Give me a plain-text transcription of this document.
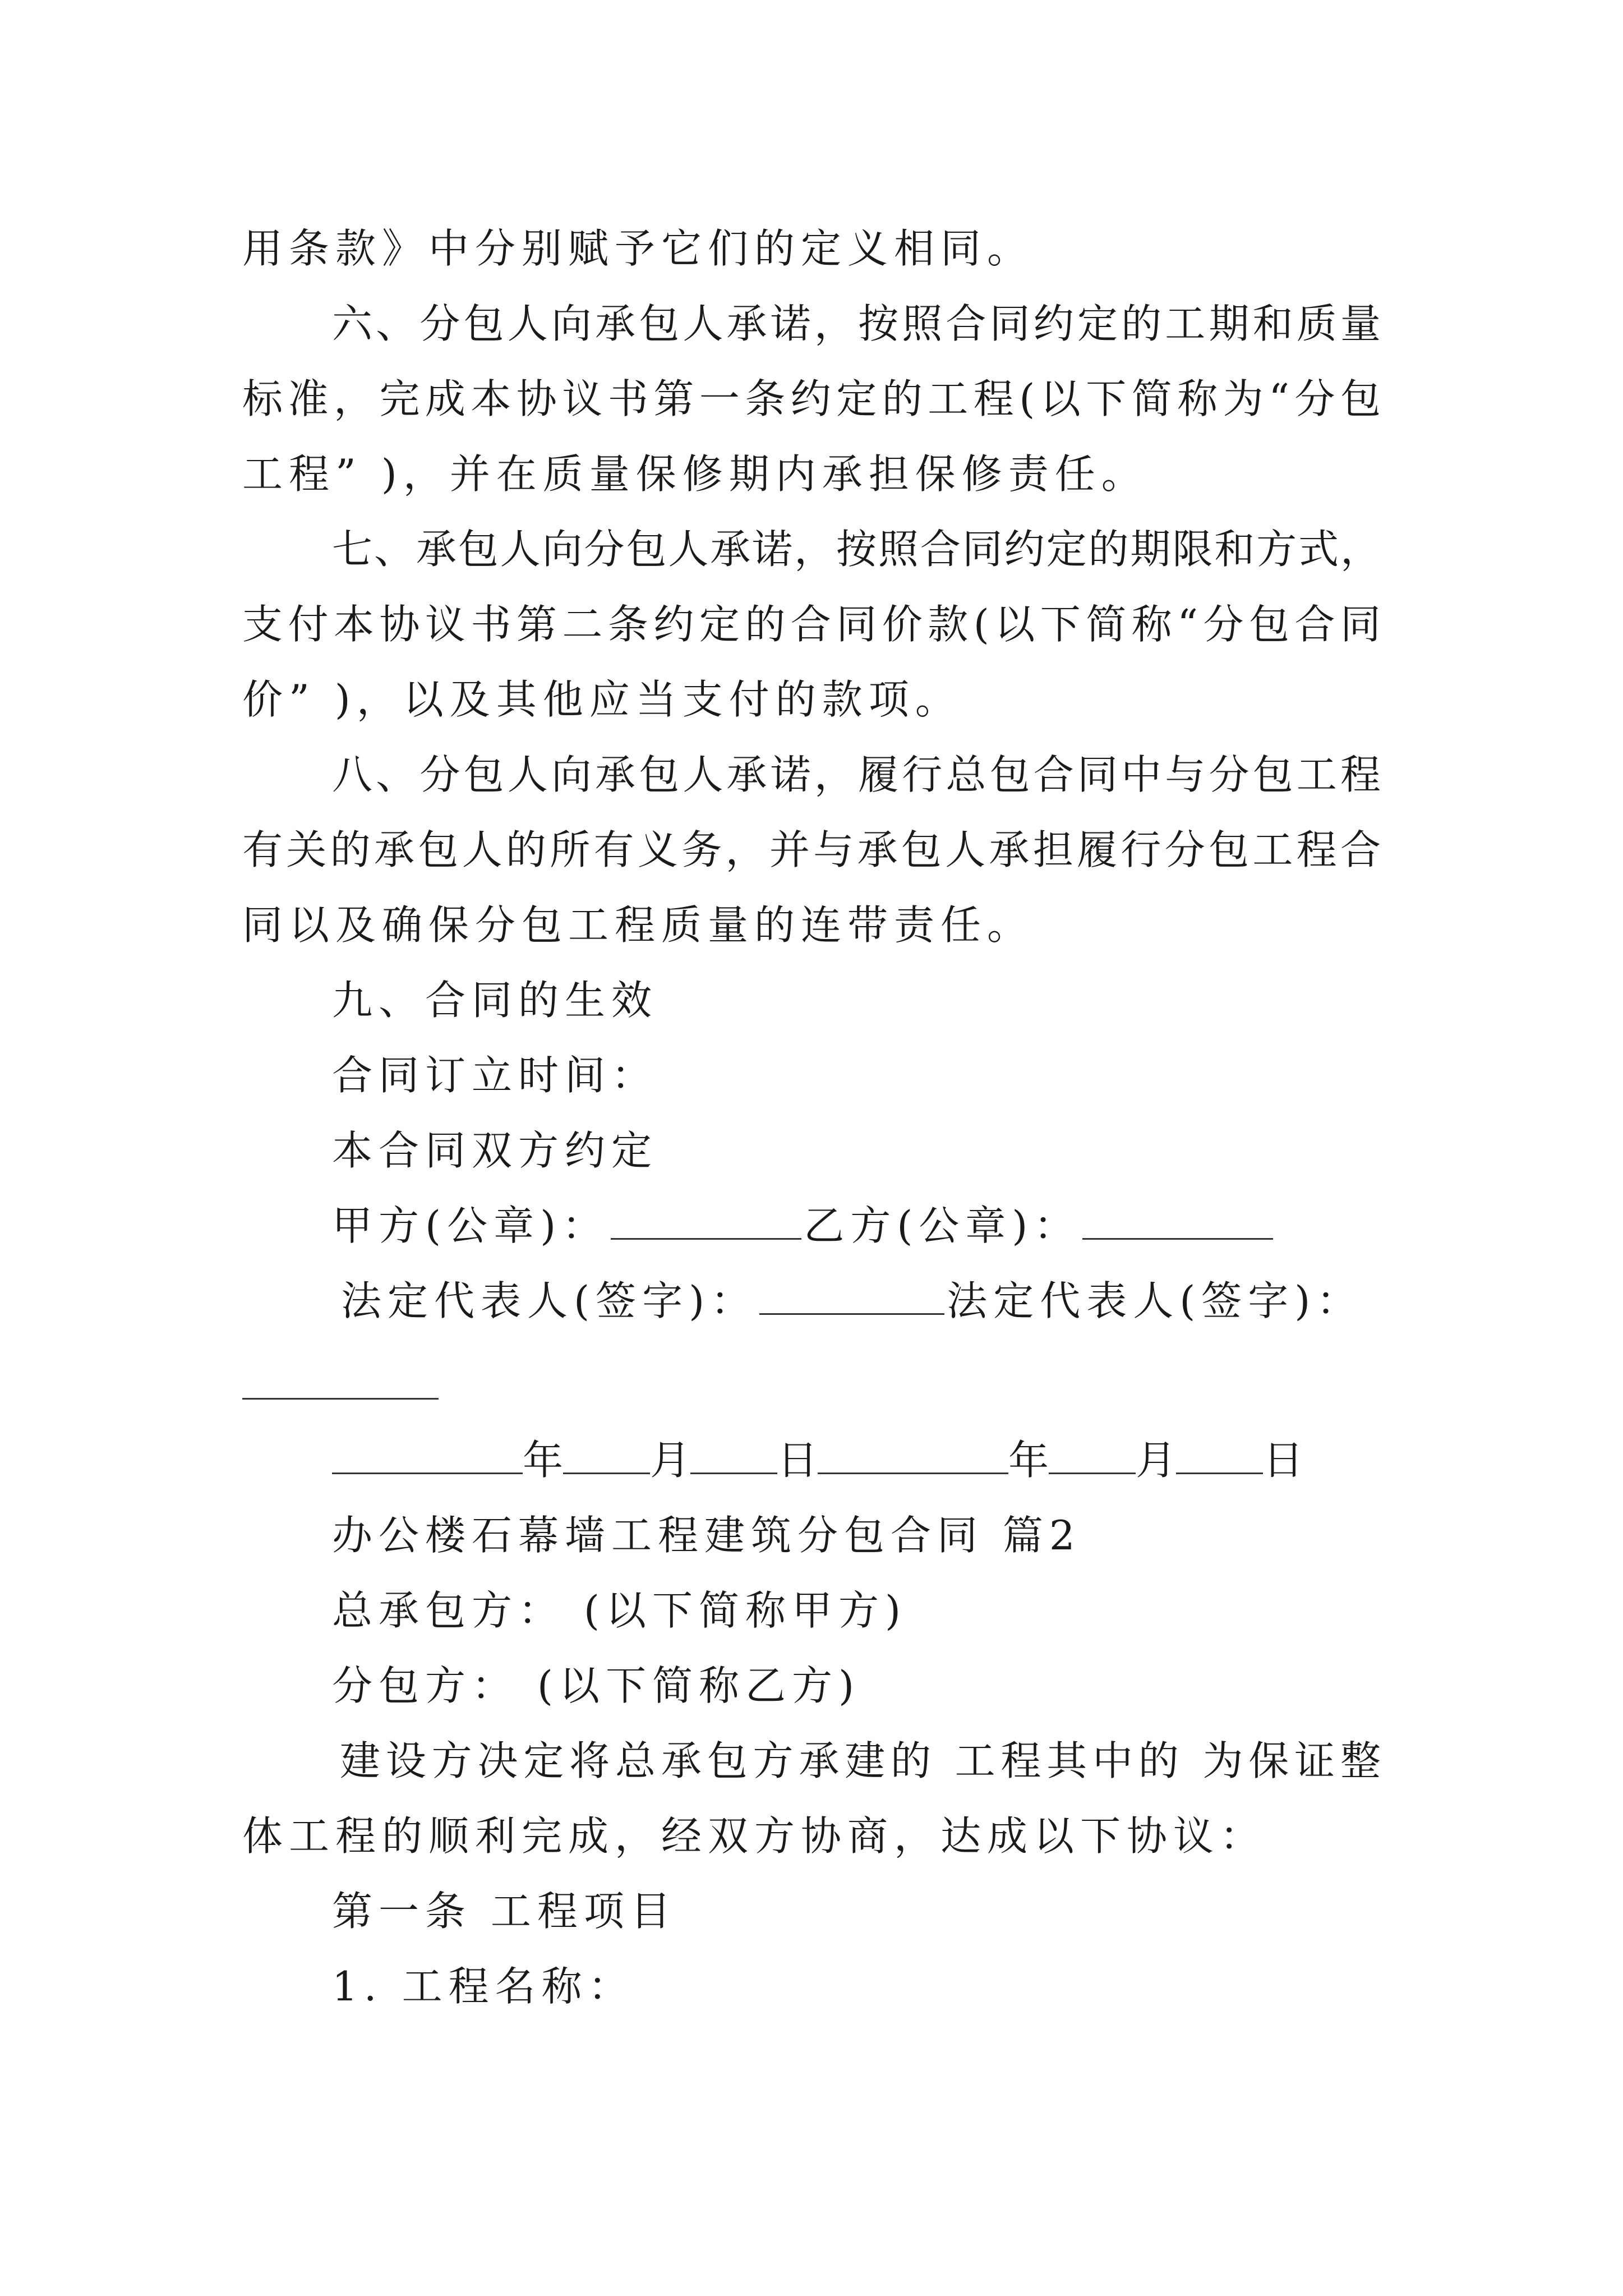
用条款》中分别赋予它们的定义相同。
六、分包人向承包人承诺，按照合同约定的工期和质量
标准，完成本协议书第一条约定的工程(以下简称为“分包
工程” )，并在质量保修期内承担保修责任。
七、承包人向分包人承诺，按照合同约定的期限和方式，
支付本协议书第二条约定的合同价款(以下简称“分包合同
价” )，以及其他应当支付的款项。
八、分包人向承包人承诺，履行总包合同中与分包工程
有关的承包人的所有义务，并与承包人承担履行分包工程合
同以及确保分包工程质量的连带责任。
九、合同的生效
合同订立时间：
本合同双方约定
甲方(公章)：	乙方(公章)：
法定代表人(签字)：	法定代表人(签字)：
年 月 日	年 月 日
办公楼石幕墙工程建筑分包合同 篇2
总承包方： (以下简称甲方)
分包方： (以下简称乙方)
建设方决定将总承包方承建的 工程其中的 为保证整
体工程的顺利完成，经双方协商，达成以下协议：
第一条 工程项目
1. 工程名称：
